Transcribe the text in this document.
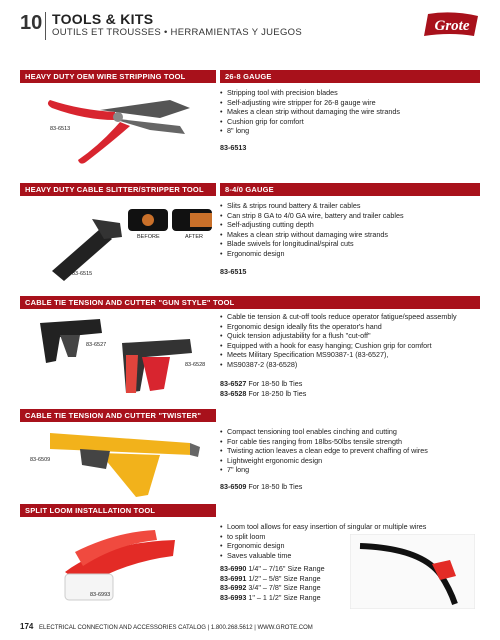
10 TOOLS & KITS
OUTILS ET TROUSSES • HERRAMIENTAS Y JUEGOS	Grote
HEAVY DUTY OEM WIRE STRIPPING TOOL	26-8 GAUGE
83-6513
• Stripping tool with precision blades
• Self-adjusting wire stripper for 26-8 gauge wire
• Makes a clean strip without damaging the wire strands
• Cushion grip for comfort
• 8" long
83-6513
HEAVY DUTY CABLE SLITTER/STRIPPER TOOL	8-4/0 GAUGE
BEFORE	AFTER
83-6515
• Slits & strips round battery & trailer cables
• Can strip 8 GA to 4/0 GA wire, battery and trailer cables
• Self-adjusting cutting depth
• Makes a clean strip without damaging wire strands
• Blade swivels for longitudinal/spiral cuts
• Ergonomic design
83-6515
CABLE TIE TENSION AND CUTTER "GUN STYLE" TOOL
83-6527
83-6528
• Cable tie tension & cut-off tools reduce operator fatigue/speed assembly
• Ergonomic design ideally fits the operator's hand
• Quick tension adjustability for a flush "cut-off"
• Equipped with a hook for easy hanging; Cushion grip for comfort
• Meets Military Specification MS90387-1 (83-6527),
• MS90387-2 (83-6528)
83-6527 For 18-50 lb Ties
83-6528 For 18-250 lb Ties
CABLE TIE TENSION AND CUTTER "TWISTER" TOOL
83-6509
• Compact tensioning tool enables cinching and cutting
• For cable ties ranging from 18lbs-50lbs tensile strength
• Twisting action leaves a clean edge to prevent chaffing of wires
• Lightweight ergonomic design
• 7" long
83-6509 For 18-50 lb Ties
SPLIT LOOM INSTALLATION TOOL
83-6993
• Loom tool allows for easy insertion of singular or multiple wires
• to split loom
• Ergonomic design
• Saves valuable time
83-6990 1/4" – 7/16" Size Range
83-6991 1/2" – 5/8" Size Range
83-6992 3/4" – 7/8" Size Range
83-6993 1" – 1 1/2" Size Range
174 ELECTRICAL CONNECTION AND ACCESSORIES CATALOG | 1.800.268.5612 | WWW.GROTE.COM
